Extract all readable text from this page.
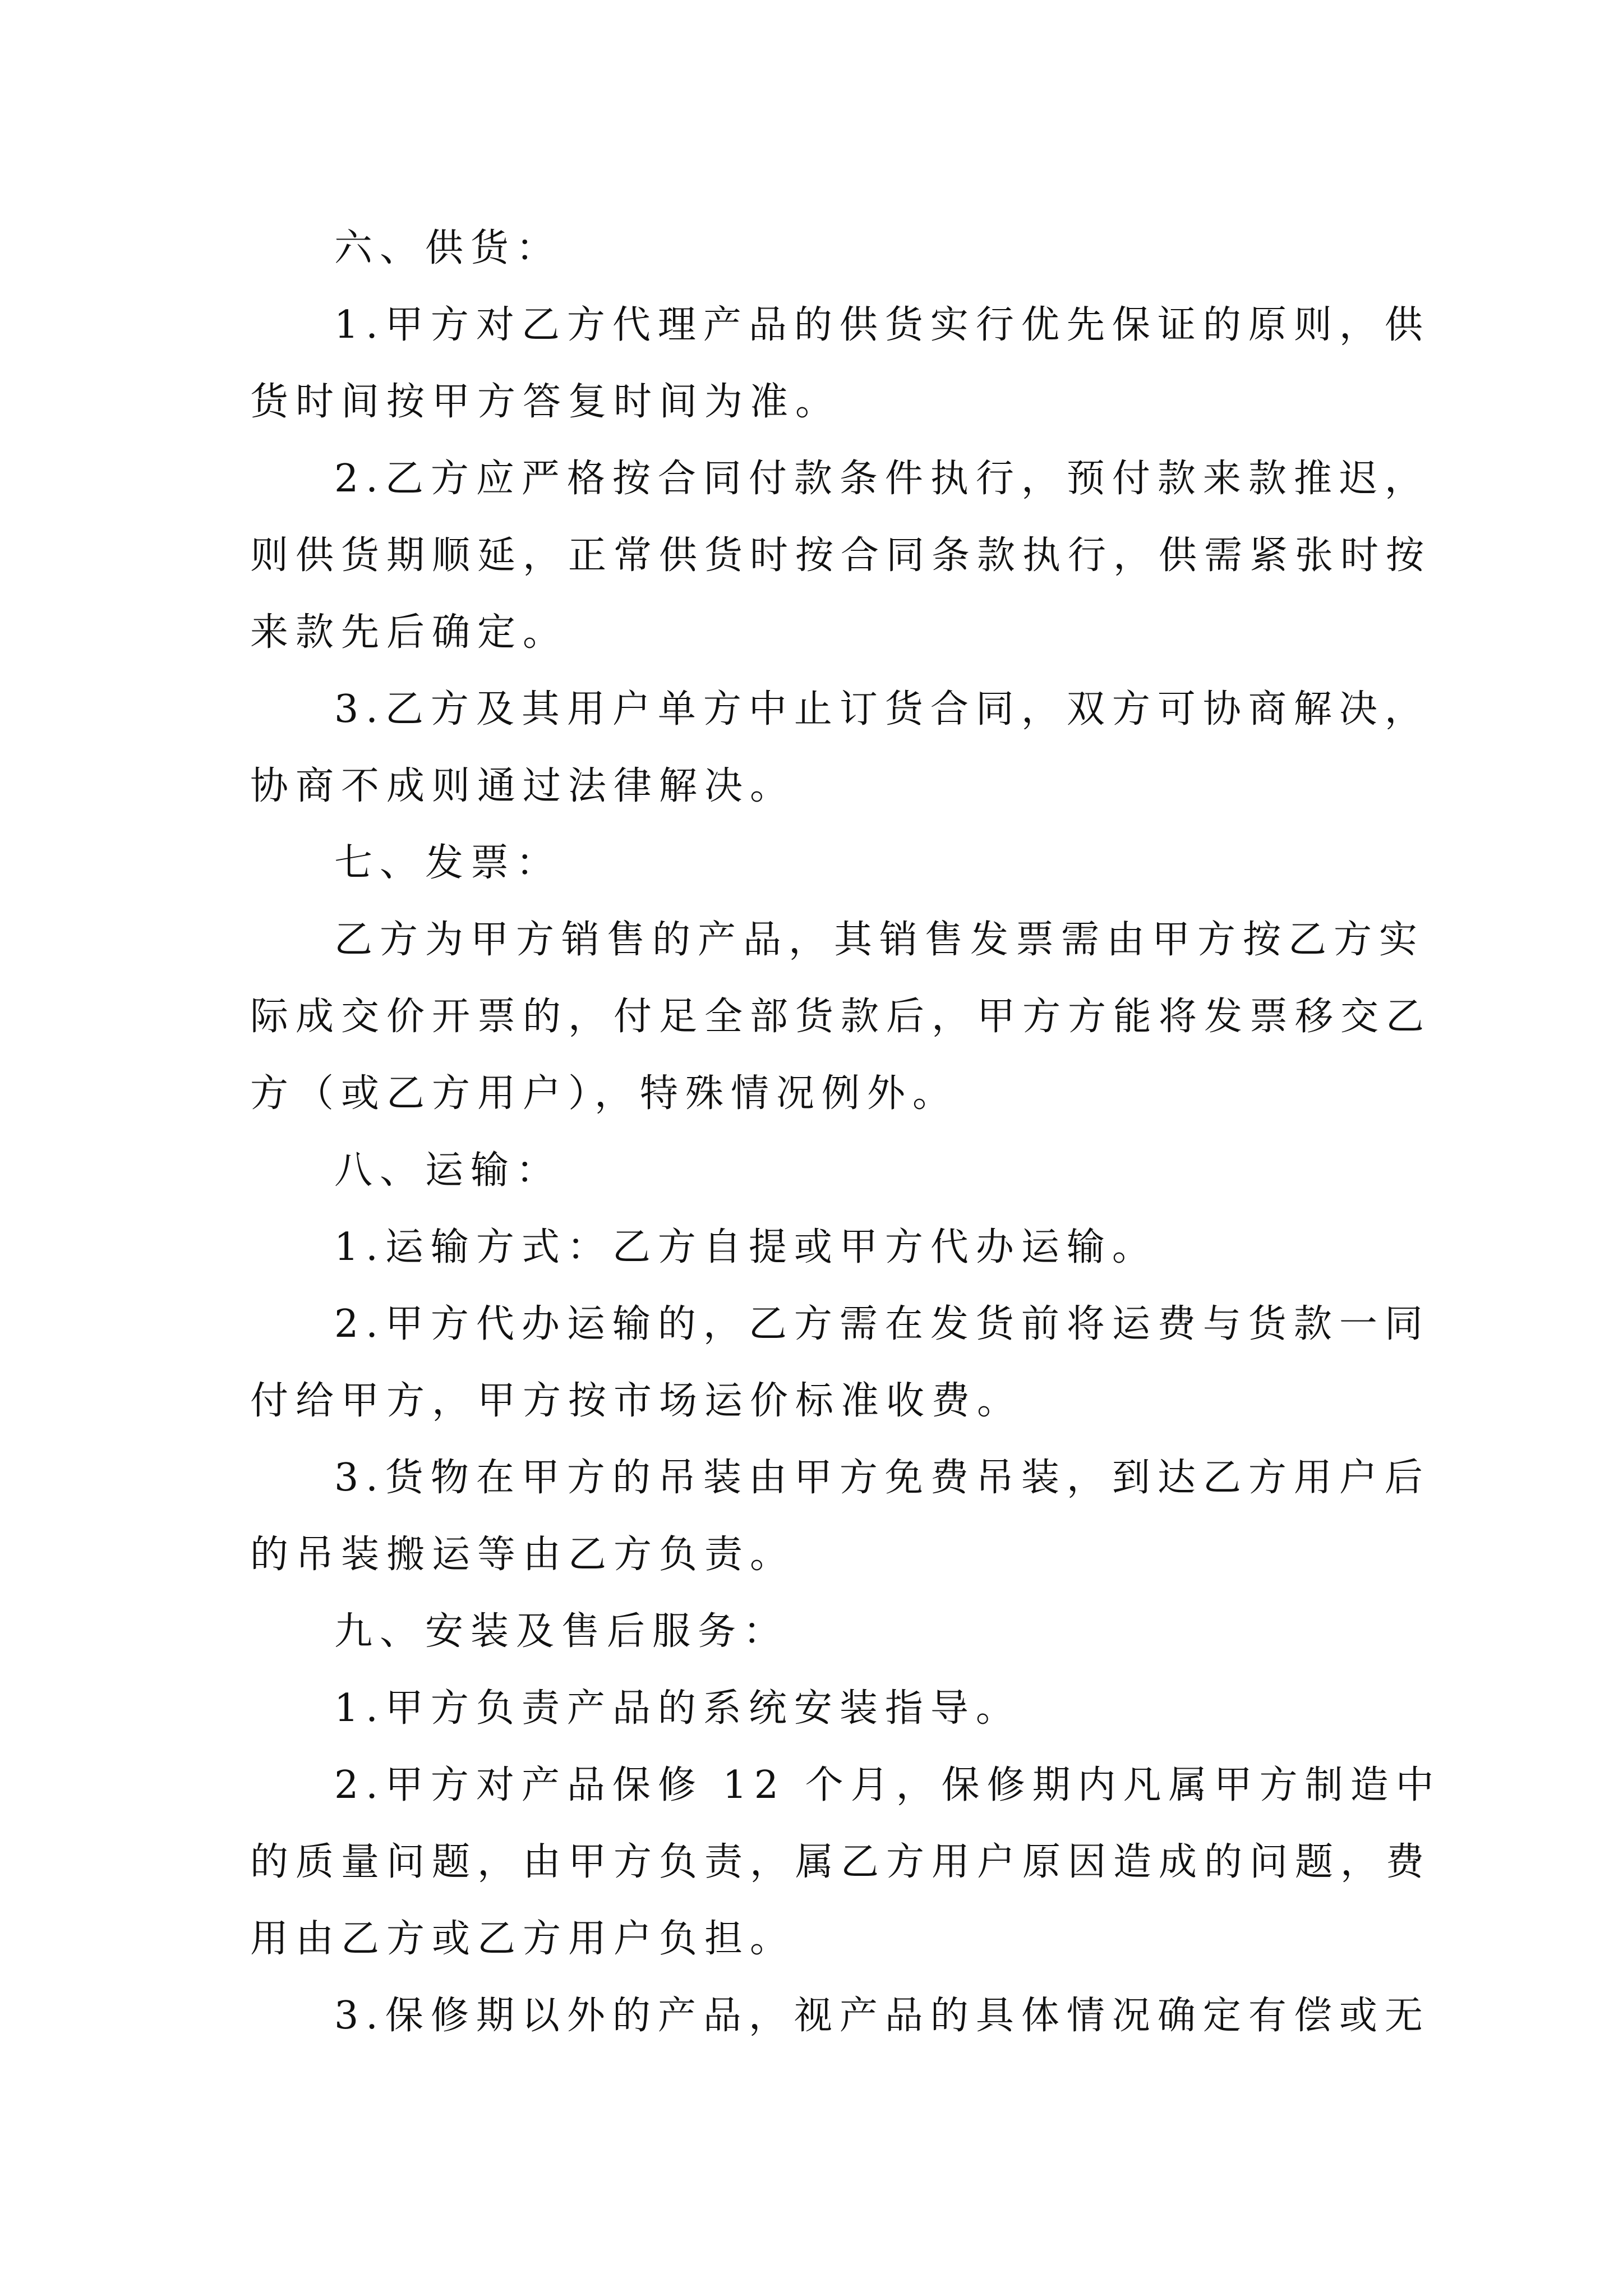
六、供货：

1.甲方对乙方代理产品的供货实行优先保证的原则，供
货时间按甲方答复时间为准。

2.乙方应严格按合同付款条件执行，预付款来款推迟，
则供货期顺延，正常供货时按合同条款执行，供需紧张时按
来款先后确定。

3.乙方及其用户单方中止订货合同，双方可协商解决，
协商不成则通过法律解决。

七、发票：

乙方为甲方销售的产品，其销售发票需由甲方按乙方实
际成交价开票的，付足全部货款后，甲方方能将发票移交乙
方（或乙方用户），特殊情况例外。

八、运输：

1.运输方式：乙方自提或甲方代办运输。

2.甲方代办运输的，乙方需在发货前将运费与货款一同
付给甲方，甲方按市场运价标准收费。

3.货物在甲方的吊装由甲方免费吊装，到达乙方用户后
的吊装搬运等由乙方负责。

九、安装及售后服务：

1.甲方负责产品的系统安装指导。

2.甲方对产品保修 12 个月，保修期内凡属甲方制造中
的质量问题，由甲方负责，属乙方用户原因造成的问题，费
用由乙方或乙方用户负担。

3.保修期以外的产品，视产品的具体情况确定有偿或无
